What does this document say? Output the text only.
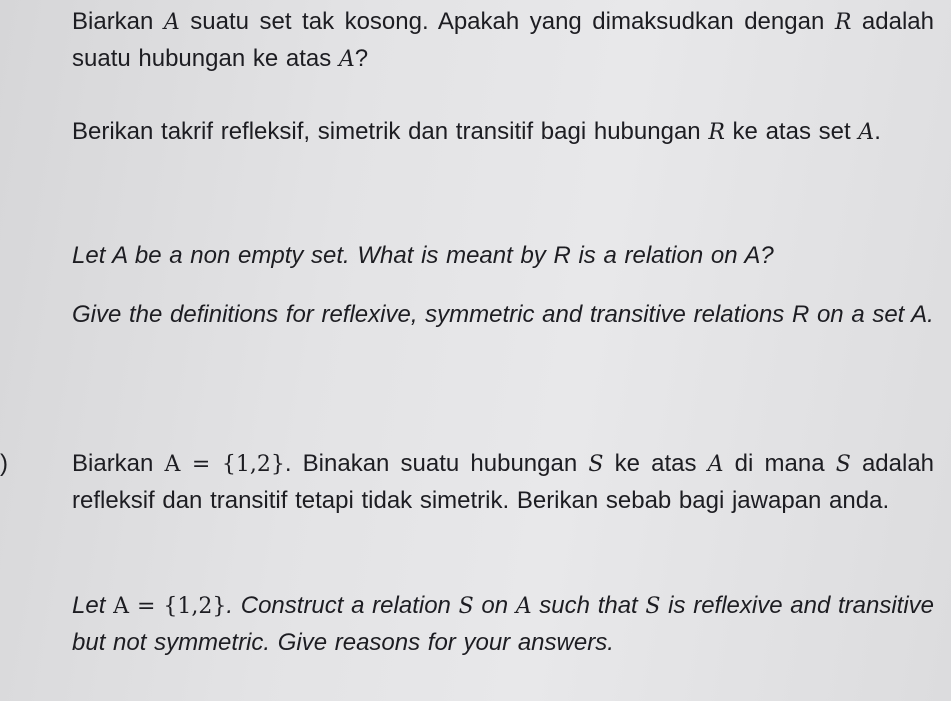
Biarkan A suatu set tak kosong. Apakah yang dimaksudkan dengan R adalah suatu hubungan ke atas A?

Berikan takrif refleksif, simetrik dan transitif bagi hubungan R ke atas set A.

Let A be a non empty set. What is meant by R is a relation on A?

Give the definitions for reflexive, symmetric and transitive relations R on a set A.

)	Biarkan A = {1,2}. Binakan suatu hubungan S ke atas A di mana S adalah refleksif dan transitif tetapi tidak simetrik. Berikan sebab bagi jawapan anda.

Let A = {1,2}. Construct a relation S on A such that S is reflexive and transitive but not symmetric. Give reasons for your answers.
